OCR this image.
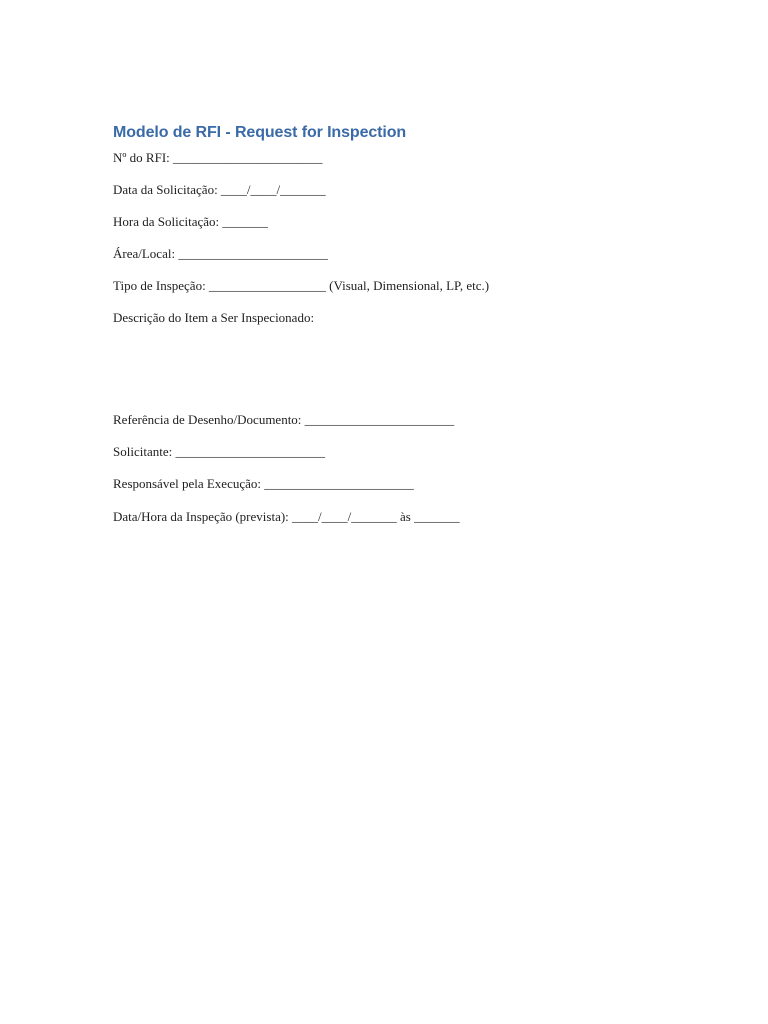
Modelo de RFI - Request for Inspection

Nº do RFI: _______________________

Data da Solicitação: ____/____/_______

Hora da Solicitação: _______

Área/Local: _______________________

Tipo de Inspeção: __________________ (Visual, Dimensional, LP, etc.)

Descrição do Item a Ser Inspecionado:

Referência de Desenho/Documento: _______________________

Solicitante: _______________________

Responsável pela Execução: _______________________

Data/Hora da Inspeção (prevista): ____/____/_______ às _______
